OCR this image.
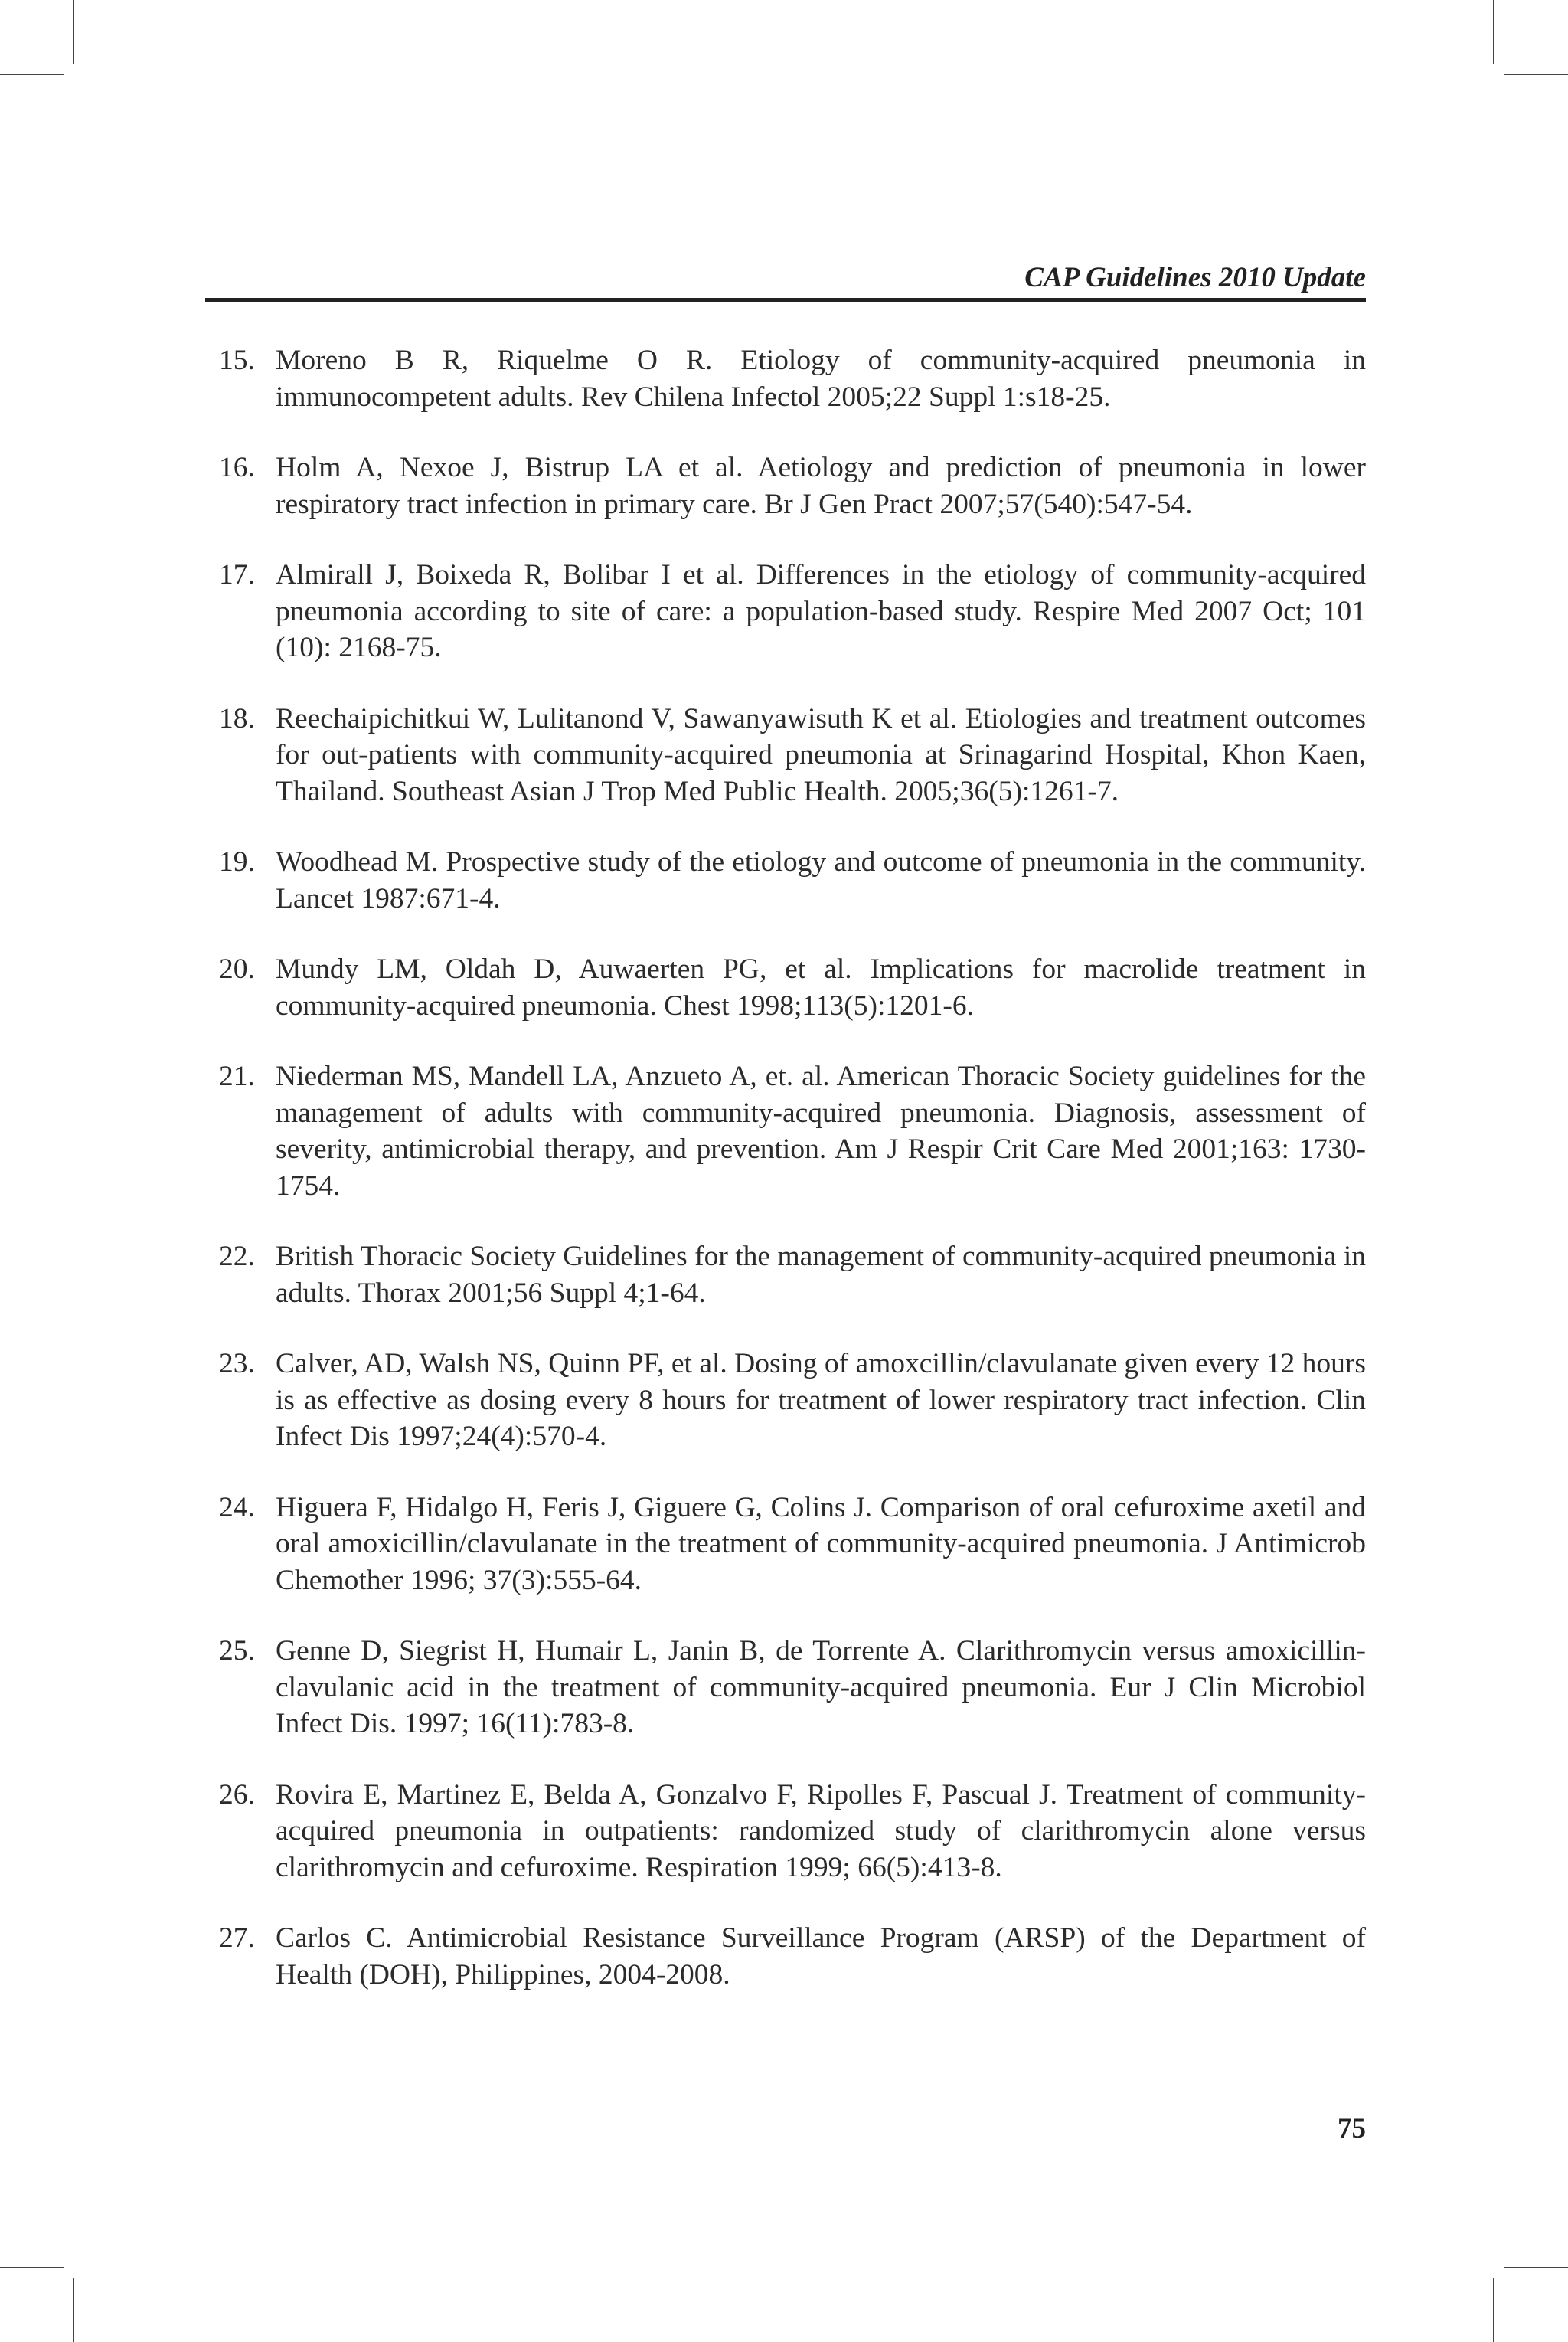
CAP Guidelines 2010 Update
15. Moreno B R, Riquelme O R. Etiology of community-acquired pneumonia in immunocompetent adults. Rev Chilena Infectol 2005;22 Suppl 1:s18-25.
16. Holm A, Nexoe J, Bistrup LA et al. Aetiology and prediction of pneumonia in lower respiratory tract infection in primary care. Br J Gen Pract 2007;57(540):547-54.
17. Almirall J, Boixeda R, Bolibar I et al. Differences in the etiology of community-acquired pneumonia according to site of care: a population-based study. Respire Med 2007 Oct; 101 (10): 2168-75.
18. Reechaipichitkui W, Lulitanond V, Sawanyawisuth K et al. Etiologies and treatment outcomes for out-patients with community-acquired pneumonia at Srinagarind Hospital, Khon Kaen, Thailand. Southeast Asian J Trop Med Public Health. 2005;36(5):1261-7.
19. Woodhead M. Prospective study of the etiology and outcome of pneumonia in the community. Lancet 1987:671-4.
20. Mundy LM, Oldah D, Auwaerten PG, et al. Implications for macrolide treatment in community-acquired pneumonia. Chest 1998;113(5):1201-6.
21. Niederman MS, Mandell LA, Anzueto A, et. al. American Thoracic Society guidelines for the management of adults with community-acquired pneumonia. Diagnosis, assessment of severity, antimicrobial therapy, and prevention. Am J Respir Crit Care Med 2001;163: 1730-1754.
22. British Thoracic Society Guidelines for the management of community-acquired pneumonia in adults. Thorax 2001;56 Suppl 4;1-64.
23. Calver, AD, Walsh NS, Quinn PF, et al. Dosing of amoxcillin/clavulanate given every 12 hours is as effective as dosing every 8 hours for treatment of lower respiratory tract infection. Clin Infect Dis 1997;24(4):570-4.
24. Higuera F, Hidalgo H, Feris J, Giguere G, Colins J. Comparison of oral cefuroxime axetil and oral amoxicillin/clavulanate in the treatment of community-acquired pneumonia. J Antimicrob Chemother 1996; 37(3):555-64.
25. Genne D, Siegrist H, Humair L, Janin B, de Torrente A. Clarithromycin versus amoxicillin-clavulanic acid in the treatment of community-acquired pneumonia. Eur J Clin Microbiol Infect Dis. 1997; 16(11):783-8.
26. Rovira E, Martinez E, Belda A, Gonzalvo F, Ripolles F, Pascual J. Treatment of community-acquired pneumonia in outpatients: randomized study of clarithromycin alone versus clarithromycin and cefuroxime. Respiration 1999; 66(5):413-8.
27. Carlos C. Antimicrobial Resistance Surveillance Program (ARSP) of the Department of Health (DOH), Philippines, 2004-2008.
75
